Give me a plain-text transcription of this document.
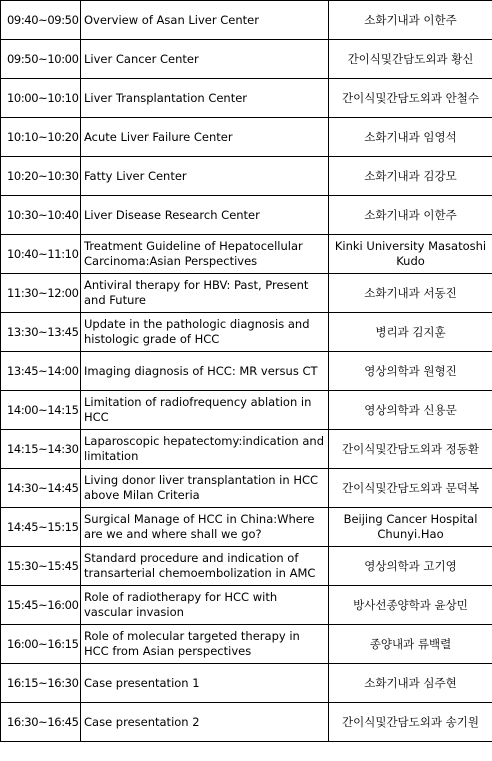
09:40~09:50	Overview of Asan Liver Center	소화기내과 이한주
09:50~10:00	Liver Cancer Center	간이식및간담도외과 황신
10:00~10:10	Liver Transplantation Center	간이식및간담도외과 안철수
10:10~10:20	Acute Liver Failure Center	소화기내과 임영석
10:20~10:30	Fatty Liver Center	소화기내과 김강모
10:30~10:40	Liver Disease Research Center	소화기내과 이한주
10:40~11:10	Treatment Guideline of Hepatocellular Carcinoma:Asian Perspectives	Kinki University Masatoshi Kudo
11:30~12:00	Antiviral therapy for HBV: Past, Present and Future	소화기내과 서동진
13:30~13:45	Update in the pathologic diagnosis and histologic grade of HCC	병리과 김지훈
13:45~14:00	Imaging diagnosis of HCC: MR versus CT	영상의학과 원형진
14:00~14:15	Limitation of radiofrequency ablation in HCC	영상의학과 신용문
14:15~14:30	Laparoscopic hepatectomy:indication and limitation	간이식및간담도외과 정동환
14:30~14:45	Living donor liver transplantation in HCC above Milan Criteria	간이식및간담도외과 문덕복
14:45~15:15	Surgical Manage of HCC in China:Where are we and where shall we go?	Beijing Cancer Hospital Chunyi.Hao
15:30~15:45	Standard procedure and indication of transarterial chemoembolization in AMC	영상의학과 고기영
15:45~16:00	Role of radiotherapy for HCC with vascular invasion	방사선종양학과 윤상민
16:00~16:15	Role of molecular targeted therapy in HCC from Asian perspectives	종양내과 류백렬
16:15~16:30	Case presentation 1	소화기내과 심주현
16:30~16:45	Case presentation 2	간이식및간담도외과 송기원
